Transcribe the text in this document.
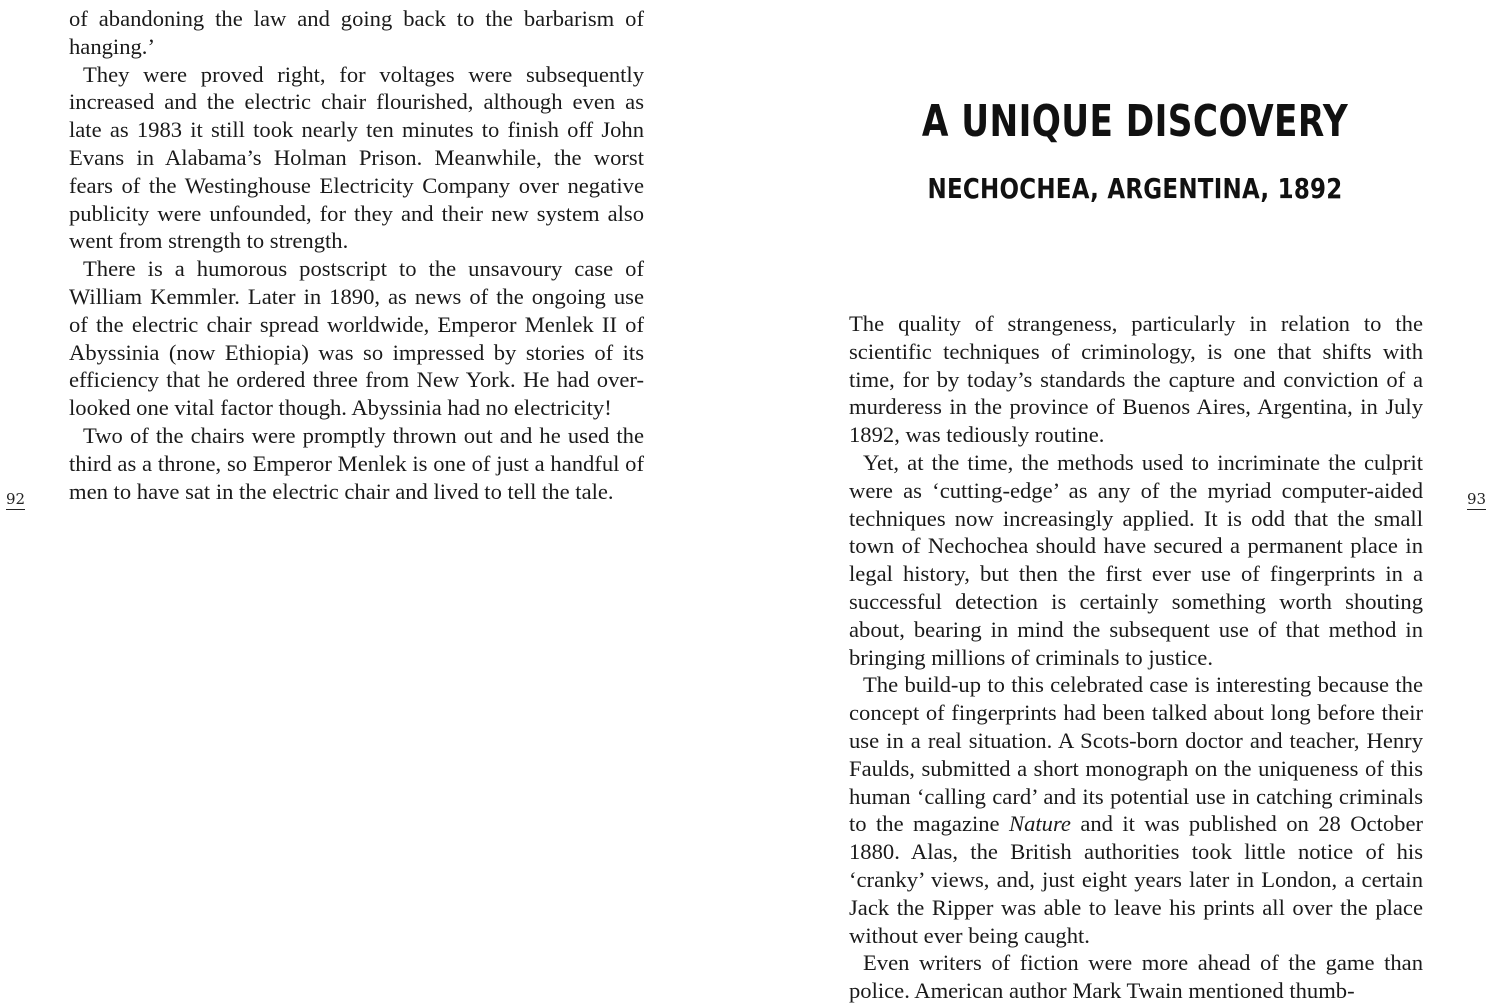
of abandoning the law and going back to the barbarism of hanging.’

They were proved right, for voltages were subsequently increased and the electric chair flourished, although even as late as 1983 it still took nearly ten minutes to finish off John Evans in Alabama’s Holman Prison. Meanwhile, the worst fears of the Westinghouse Electricity Company over negative publicity were unfounded, for they and their new system also went from strength to strength.

There is a humorous postscript to the unsavoury case of William Kemmler. Later in 1890, as news of the ongoing use of the electric chair spread worldwide, Emperor Menlek II of Abyssinia (now Ethiopia) was so impressed by stories of its efficiency that he ordered three from New York. He had over-looked one vital factor though. Abyssinia had no electricity!

Two of the chairs were promptly thrown out and he used the third as a throne, so Emperor Menlek is one of just a handful of men to have sat in the electric chair and lived to tell the tale.

92
A UNIQUE DISCOVERY
NECHOCHEA, ARGENTINA, 1892

The quality of strangeness, particularly in relation to the scientific techniques of criminology, is one that shifts with time, for by today’s standards the capture and conviction of a murderess in the province of Buenos Aires, Argentina, in July 1892, was tediously routine.

Yet, at the time, the methods used to incriminate the culprit were as ‘cutting-edge’ as any of the myriad computer-aided techniques now increasingly applied. It is odd that the small town of Nechochea should have secured a permanent place in legal history, but then the first ever use of fingerprints in a successful detection is certainly something worth shouting about, bearing in mind the subsequent use of that method in bringing millions of criminals to justice.

The build-up to this celebrated case is interesting because the concept of fingerprints had been talked about long before their use in a real situation. A Scots-born doctor and teacher, Henry Faulds, submitted a short monograph on the uniqueness of this human ‘calling card’ and its potential use in catching criminals to the magazine Nature and it was published on 28 October 1880. Alas, the British authorities took little notice of his ‘cranky’ views, and, just eight years later in London, a certain Jack the Ripper was able to leave his prints all over the place without ever being caught.

Even writers of fiction were more ahead of the game than police. American author Mark Twain mentioned thumb-

93
